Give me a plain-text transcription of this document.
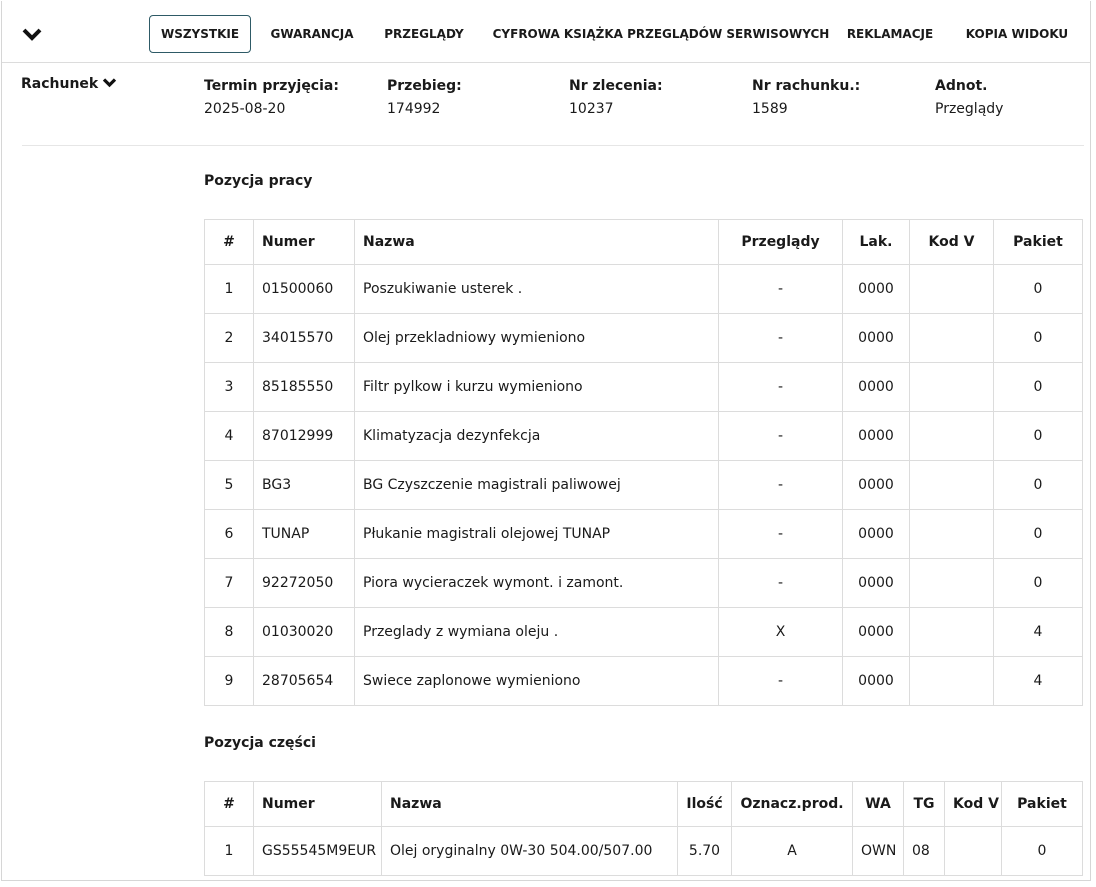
WSZYSTKIE	GWARANCJA	PRZEGLĄDY	CYFROWA KSIĄŻKA PRZEGLĄDÓW SERWISOWYCH	REKLAMACJE	KOPIA WIDOKU
Rachunek	Termin przyjęcia:
2025-08-20
Przebieg:
174992
Nr zlecenia:
10237
Nr rachunku.:
1589
Adnot.
Przeglądy
Pozycja pracy
#	Numer	Nazwa	Przeglądy	Lak.	Kod V	Pakiet
1	01500060	Poszukiwanie usterek .	-	0000		0
2	34015570	Olej przekladniowy wymieniono	-	0000		0
3	85185550	Filtr pylkow i kurzu wymieniono	-	0000		0
4	87012999	Klimatyzacja dezynfekcja	-	0000		0
5	BG3	BG Czyszczenie magistrali paliwowej	-	0000		0
6	TUNAP	Płukanie magistrali olejowej TUNAP	-	0000		0
7	92272050	Piora wycieraczek wymont. i zamont.	-	0000		0
8	01030020	Przeglady z wymiana oleju .	X	0000		4
9	28705654	Swiece zaplonowe wymieniono	-	0000		4
Pozycja części
#	Numer	Nazwa	Ilość	Oznacz.prod.	WA	TG	Kod V	Pakiet
1	GS55545M9EUR	Olej oryginalny 0W-30 504.00/507.00	5.70	A	OWN	08		0
